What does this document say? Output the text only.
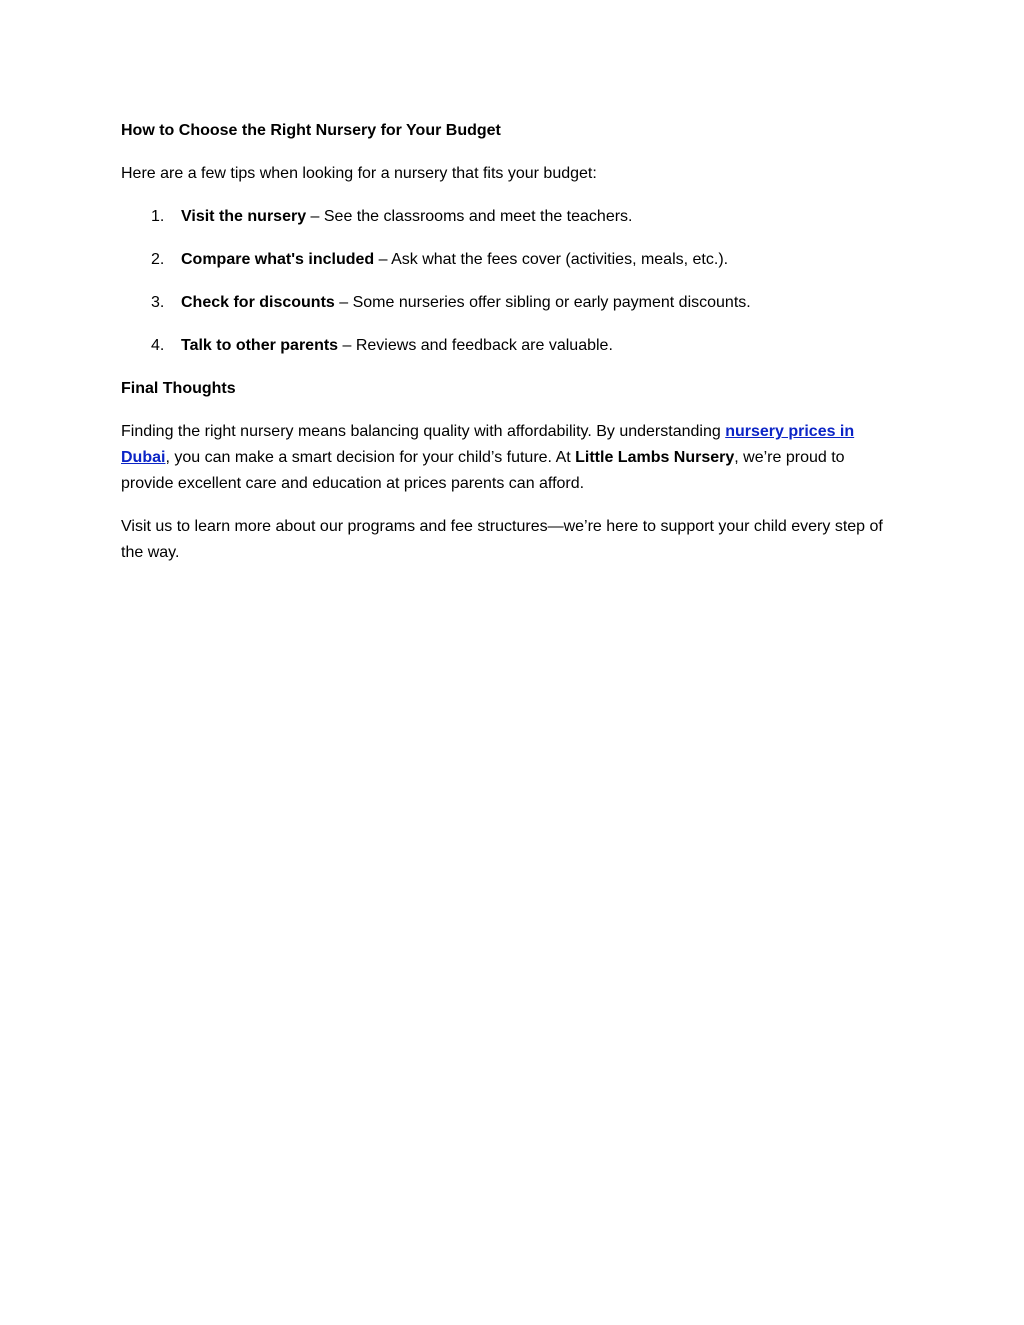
How to Choose the Right Nursery for Your Budget

Here are a few tips when looking for a nursery that fits your budget:

1. Visit the nursery – See the classrooms and meet the teachers.
2. Compare what's included – Ask what the fees cover (activities, meals, etc.).
3. Check for discounts – Some nurseries offer sibling or early payment discounts.
4. Talk to other parents – Reviews and feedback are valuable.

Final Thoughts

Finding the right nursery means balancing quality with affordability. By understanding nursery prices in Dubai, you can make a smart decision for your child’s future. At Little Lambs Nursery, we’re proud to provide excellent care and education at prices parents can afford.

Visit us to learn more about our programs and fee structures—we’re here to support your child every step of the way.
